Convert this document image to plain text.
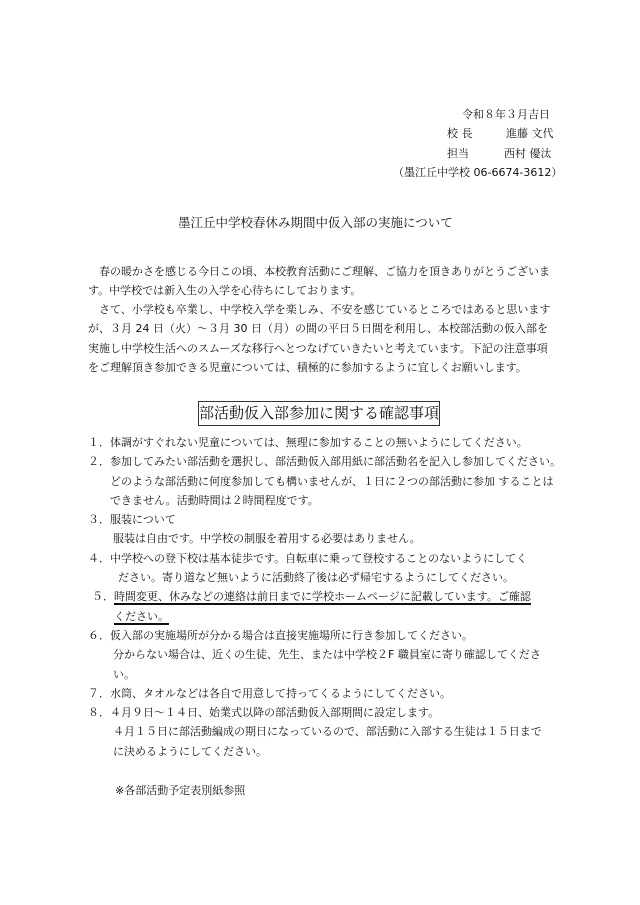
令和８年３月吉日
校 長	進藤 文代
担当	西村 優汰
（墨江丘中学校 06-6674-3612）
墨江丘中学校春休み期間中仮入部の実施について
　春の暖かさを感じる今日この頃、本校教育活動にご理解、ご協力を頂きありがとうございます。中学校では新入生の入学を心待ちにしております。
　さて、小学校も卒業し、中学校入学を楽しみ、不安を感じているところではあると思いますが、３月 24 日（火）～３月 30 日（月）の間の平日５日間を利用し、本校部活動の仮入部を実施し中学校生活へのスムーズな移行へとつなげていきたいと考えています。下記の注意事項をご理解頂き参加できる児童については、積極的に参加するように宜しくお願いします。
部活動仮入部参加に関する確認事項
１． 体調がすぐれない児童については、無理に参加することの無いようにしてください。
２． 参加してみたい部活動を選択し、部活動仮入部用紙に部活動名を記入し参加してください。どのような部活動に何度参加しても構いませんが、１日に２つの部活動に参加 することはできません。活動時間は２時間程度です。
３． 服装について
服装は自由です。中学校の制服を着用する必要はありません。
４． 中学校への登下校は基本徒歩です。自転車に乗って登校することのないようにしてく
ださい。寄り道など無いように活動終了後は必ず帰宅するようにしてください。
５． 時間変更、休みなどの連絡は前日までに学校ホームページに記載しています。ご確認
ください。
６． 仮入部の実施場所が分かる場合は直接実施場所に行き参加してください。
分からない場合は、近くの生徒、先生、または中学校２F 職員室に寄り確認してください。
７． 水筒、タオルなどは各自で用意して持ってくるようにしてください。
８． ４月９日～１４日、始業式以降の部活動仮入部期間に設定します。
４月１５日に部活動編成の期日になっているので、部活動に入部する生徒は１５日までに決めるようにしてください。
※各部活動予定表別紙参照
